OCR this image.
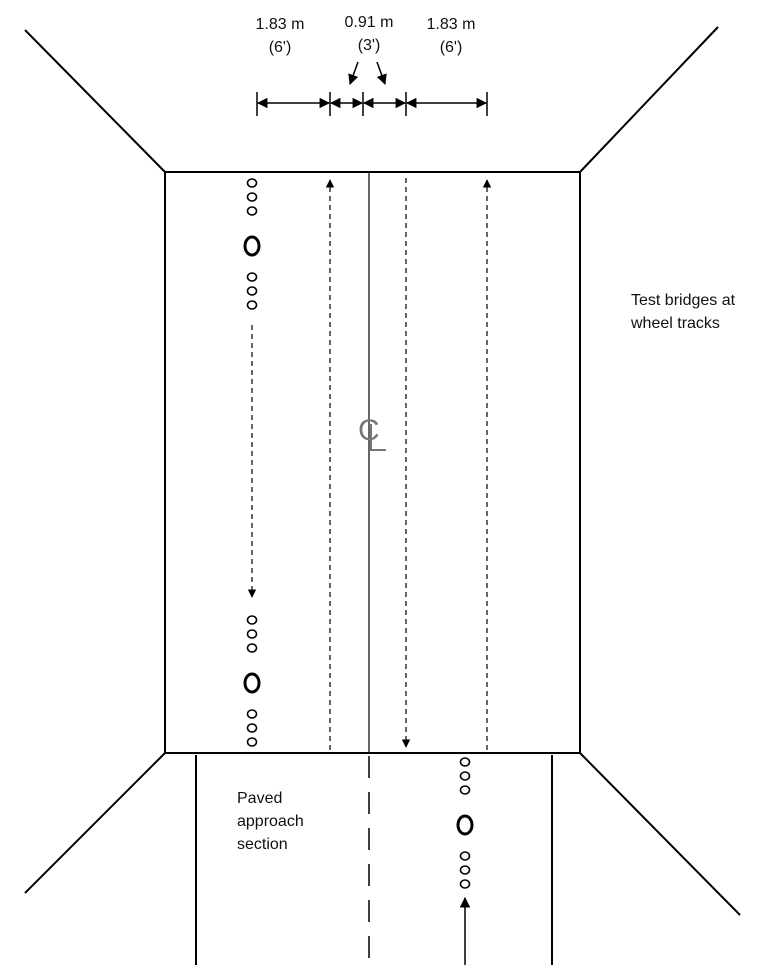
1.83 m
(6')
0.91 m
(3')
1.83 m
(6')
C
Test bridges at
wheel tracks
Paved
approach
section
